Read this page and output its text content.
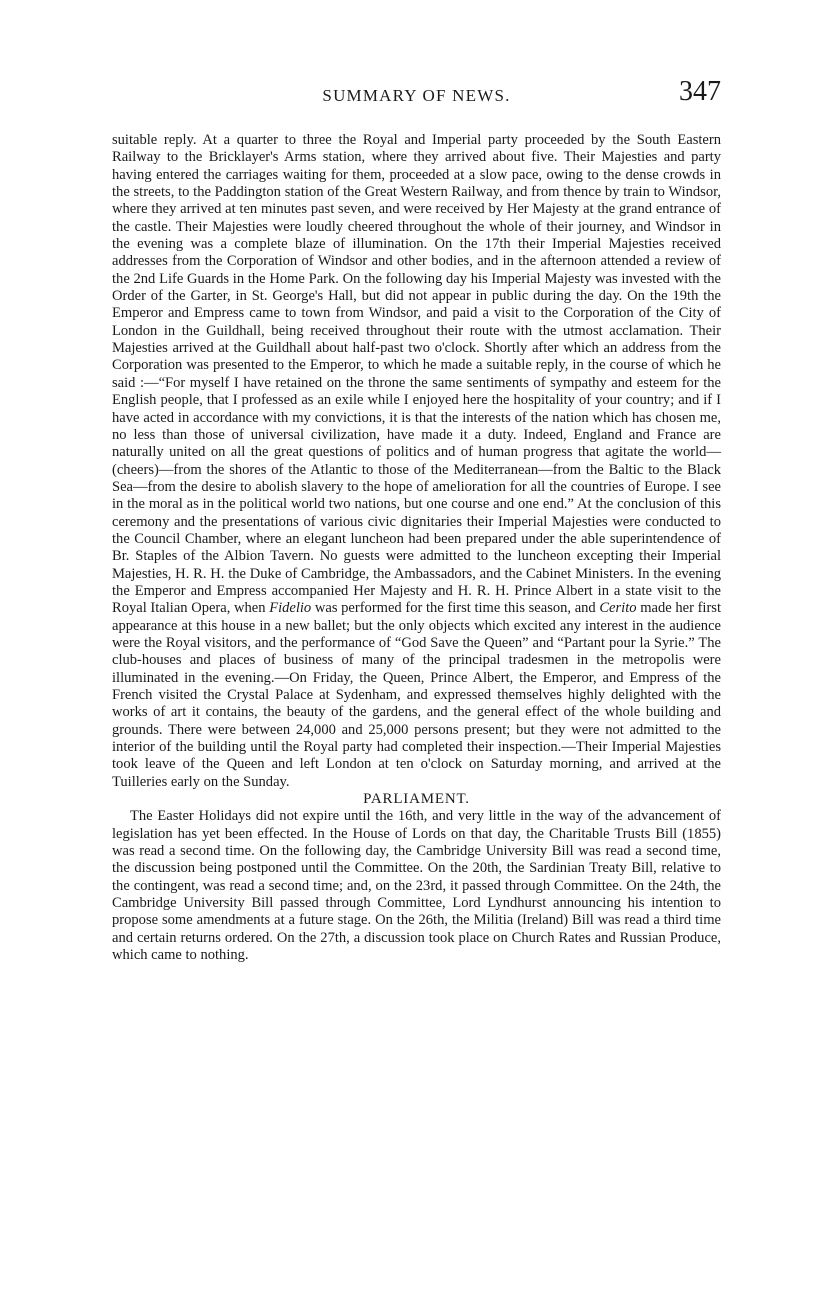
SUMMARY OF NEWS.	347

suitable reply. At a quarter to three the Royal and Imperial party proceeded by the South Eastern Railway to the Bricklayer's Arms station, where they arrived about five. Their Majesties and party having entered the carriages waiting for them, proceeded at a slow pace, owing to the dense crowds in the streets, to the Paddington station of the Great Western Railway, and from thence by train to Windsor, where they arrived at ten minutes past seven, and were received by Her Majesty at the grand entrance of the castle. Their Majesties were loudly cheered throughout the whole of their journey, and Windsor in the evening was a complete blaze of illumination. On the 17th their Imperial Majesties received addresses from the Corporation of Windsor and other bodies, and in the afternoon attended a review of the 2nd Life Guards in the Home Park. On the following day his Imperial Majesty was invested with the Order of the Garter, in St. George's Hall, but did not appear in public during the day. On the 19th the Emperor and Empress came to town from Windsor, and paid a visit to the Corporation of the City of London in the Guildhall, being received throughout their route with the utmost acclamation. Their Majesties arrived at the Guildhall about half-past two o'clock. Shortly after which an address from the Corporation was presented to the Emperor, to which he made a suitable reply, in the course of which he said :—“For myself I have retained on the throne the same sentiments of sympathy and esteem for the English people, that I professed as an exile while I enjoyed here the hospitality of your country; and if I have acted in accordance with my convictions, it is that the interests of the nation which has chosen me, no less than those of universal civilization, have made it a duty. Indeed, England and France are naturally united on all the great questions of politics and of human progress that agitate the world—(cheers)—from the shores of the Atlantic to those of the Mediterranean—from the Baltic to the Black Sea—from the desire to abolish slavery to the hope of amelioration for all the countries of Europe. I see in the moral as in the political world two nations, but one course and one end.” At the conclusion of this ceremony and the presentations of various civic dignitaries their Imperial Majesties were conducted to the Council Chamber, where an elegant luncheon had been prepared under the able superintendence of Br. Staples of the Albion Tavern. No guests were admitted to the luncheon excepting their Imperial Majesties, H. R. H. the Duke of Cambridge, the Ambassadors, and the Cabinet Ministers. In the evening the Emperor and Empress accompanied Her Majesty and H. R. H. Prince Albert in a state visit to the Royal Italian Opera, when Fidelio was performed for the first time this season, and Cerito made her first appearance at this house in a new ballet; but the only objects which excited any interest in the audience were the Royal visitors, and the performance of “God Save the Queen” and “Partant pour la Syrie.” The club-houses and places of business of many of the principal tradesmen in the metropolis were illuminated in the evening.—On Friday, the Queen, Prince Albert, the Emperor, and Empress of the French visited the Crystal Palace at Sydenham, and expressed themselves highly delighted with the works of art it contains, the beauty of the gardens, and the general effect of the whole building and grounds. There were between 24,000 and 25,000 persons present; but they were not admitted to the interior of the building until the Royal party had completed their inspection.—Their Imperial Majesties took leave of the Queen and left London at ten o'clock on Saturday morning, and arrived at the Tuilleries early on the Sunday.

PARLIAMENT.

The Easter Holidays did not expire until the 16th, and very little in the way of the advancement of legislation has yet been effected. In the House of Lords on that day, the Charitable Trusts Bill (1855) was read a second time. On the following day, the Cambridge University Bill was read a second time, the discussion being postponed until the Committee. On the 20th, the Sardinian Treaty Bill, relative to the contingent, was read a second time; and, on the 23rd, it passed through Committee. On the 24th, the Cambridge University Bill passed through Committee, Lord Lyndhurst announcing his intention to propose some amendments at a future stage. On the 26th, the Militia (Ireland) Bill was read a third time and certain returns ordered. On the 27th, a discussion took place on Church Rates and Russian Produce, which came to nothing.
